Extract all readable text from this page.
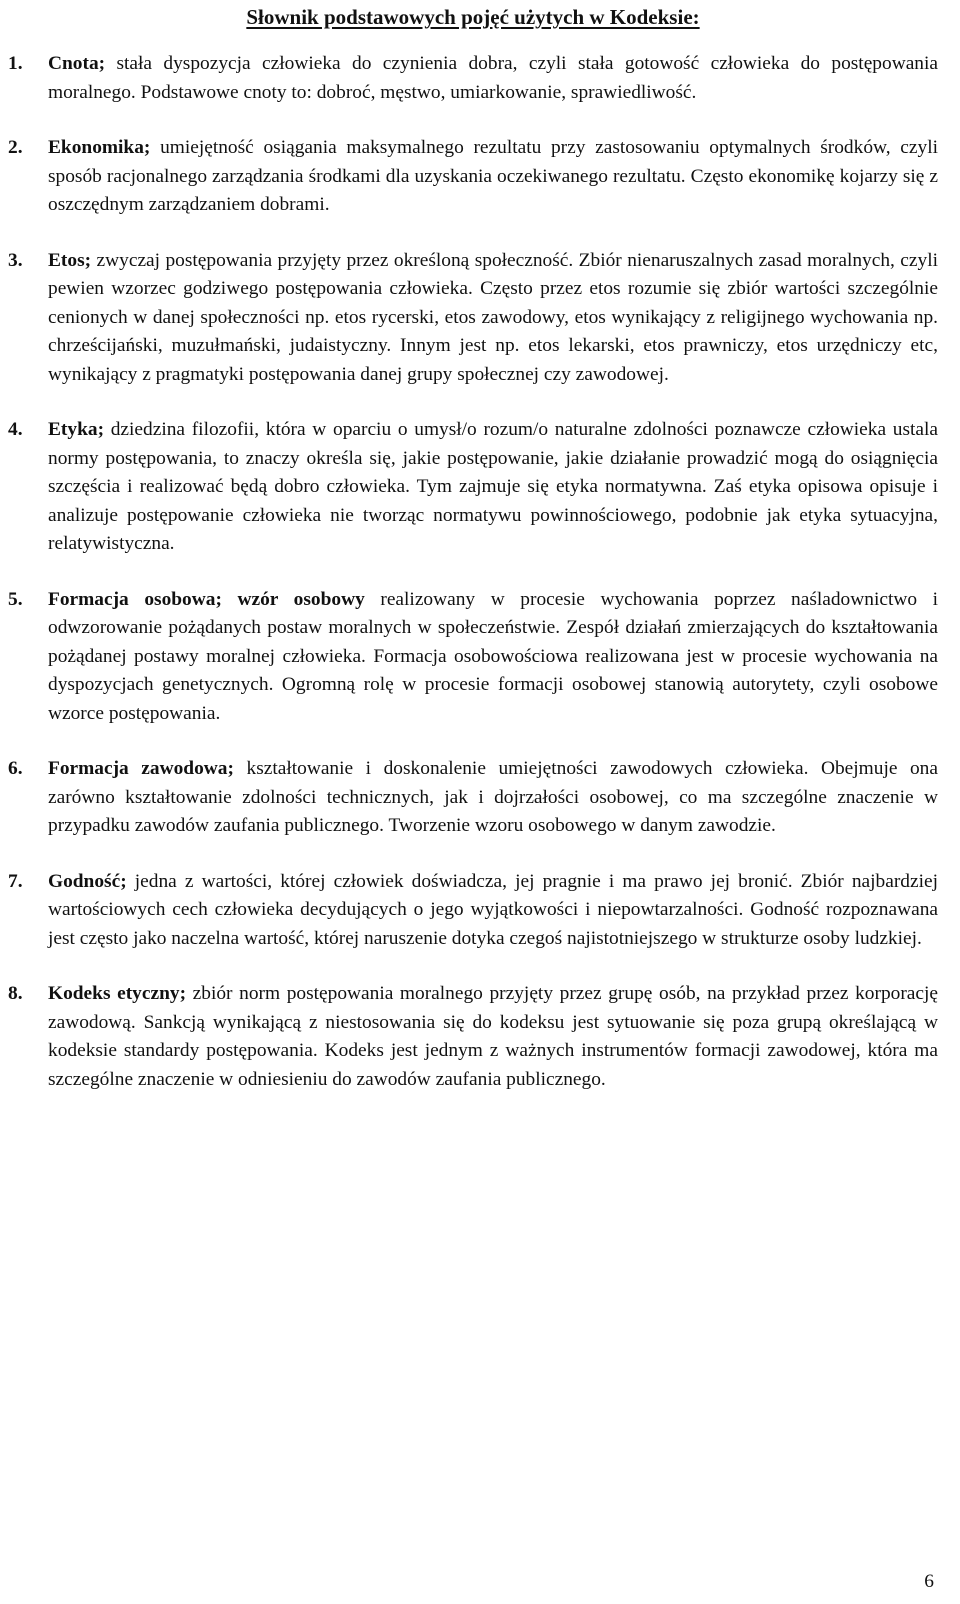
Słownik podstawowych pojęć użytych w Kodeksie:
1. Cnota; stała dyspozycja człowieka do czynienia dobra, czyli stała gotowość człowieka do postępowania moralnego. Podstawowe cnoty to: dobroć, męstwo, umiarkowanie, sprawiedliwość.
2. Ekonomika; umiejętność osiągania maksymalnego rezultatu przy zastosowaniu optymalnych środków, czyli sposób racjonalnego zarządzania środkami dla uzyskania oczekiwanego rezultatu. Często ekonomikę kojarzy się z oszczędnym zarządzaniem dobrami.
3. Etos; zwyczaj postępowania przyjęty przez określoną społeczność. Zbiór nienaruszalnych zasad moralnych, czyli pewien wzorzec godziwego postępowania człowieka. Często przez etos rozumie się zbiór wartości szczególnie cenionych w danej społeczności np. etos rycerski, etos zawodowy, etos wynikający z religijnego wychowania np. chrześcijański, muzułmański, judaistyczny. Innym jest np. etos lekarski, etos prawniczy, etos urzędniczy etc, wynikający z pragmatyki postępowania danej grupy społecznej czy zawodowej.
4. Etyka; dziedzina filozofii, która w oparciu o umysł/o rozum/o naturalne zdolności poznawcze człowieka ustala normy postępowania, to znaczy określa się, jakie postępowanie, jakie działanie prowadzić mogą do osiągnięcia szczęścia i realizować będą dobro człowieka. Tym zajmuje się etyka normatywna. Zaś etyka opisowa opisuje i analizuje postępowanie człowieka nie tworząc normatywu powinnościowego, podobnie jak etyka sytuacyjna, relatywistyczna.
5. Formacja osobowa; wzór osobowy realizowany w procesie wychowania poprzez naśladownictwo i odwzorowanie pożądanych postaw moralnych w społeczeństwie. Zespół działań zmierzających do kształtowania pożądanej postawy moralnej człowieka. Formacja osobowościowa realizowana jest w procesie wychowania na dyspozycjach genetycznych. Ogromną rolę w procesie formacji osobowej stanowią autorytety, czyli osobowe wzorce postępowania.
6. Formacja zawodowa; kształtowanie i doskonalenie umiejętności zawodowych człowieka. Obejmuje ona zarówno kształtowanie zdolności technicznych, jak i dojrzałości osobowej, co ma szczególne znaczenie w przypadku zawodów zaufania publicznego. Tworzenie wzoru osobowego w danym zawodzie.
7. Godność; jedna z wartości, której człowiek doświadcza, jej pragnie i ma prawo jej bronić. Zbiór najbardziej wartościowych cech człowieka decydujących o jego wyjątkowości i niepowtarzalności. Godność rozpoznawana jest często jako naczelna wartość, której naruszenie dotyka czegoś najistotniejszego w strukturze osoby ludzkiej.
8. Kodeks etyczny; zbiór norm postępowania moralnego przyjęty przez grupę osób, na przykład przez korporację zawodową. Sankcją wynikającą z niestosowania się do kodeksu jest sytuowanie się poza grupą określającą w kodeksie standardy postępowania. Kodeks jest jednym z ważnych instrumentów formacji zawodowej, która ma szczególne znaczenie w odniesieniu do zawodów zaufania publicznego.
6
